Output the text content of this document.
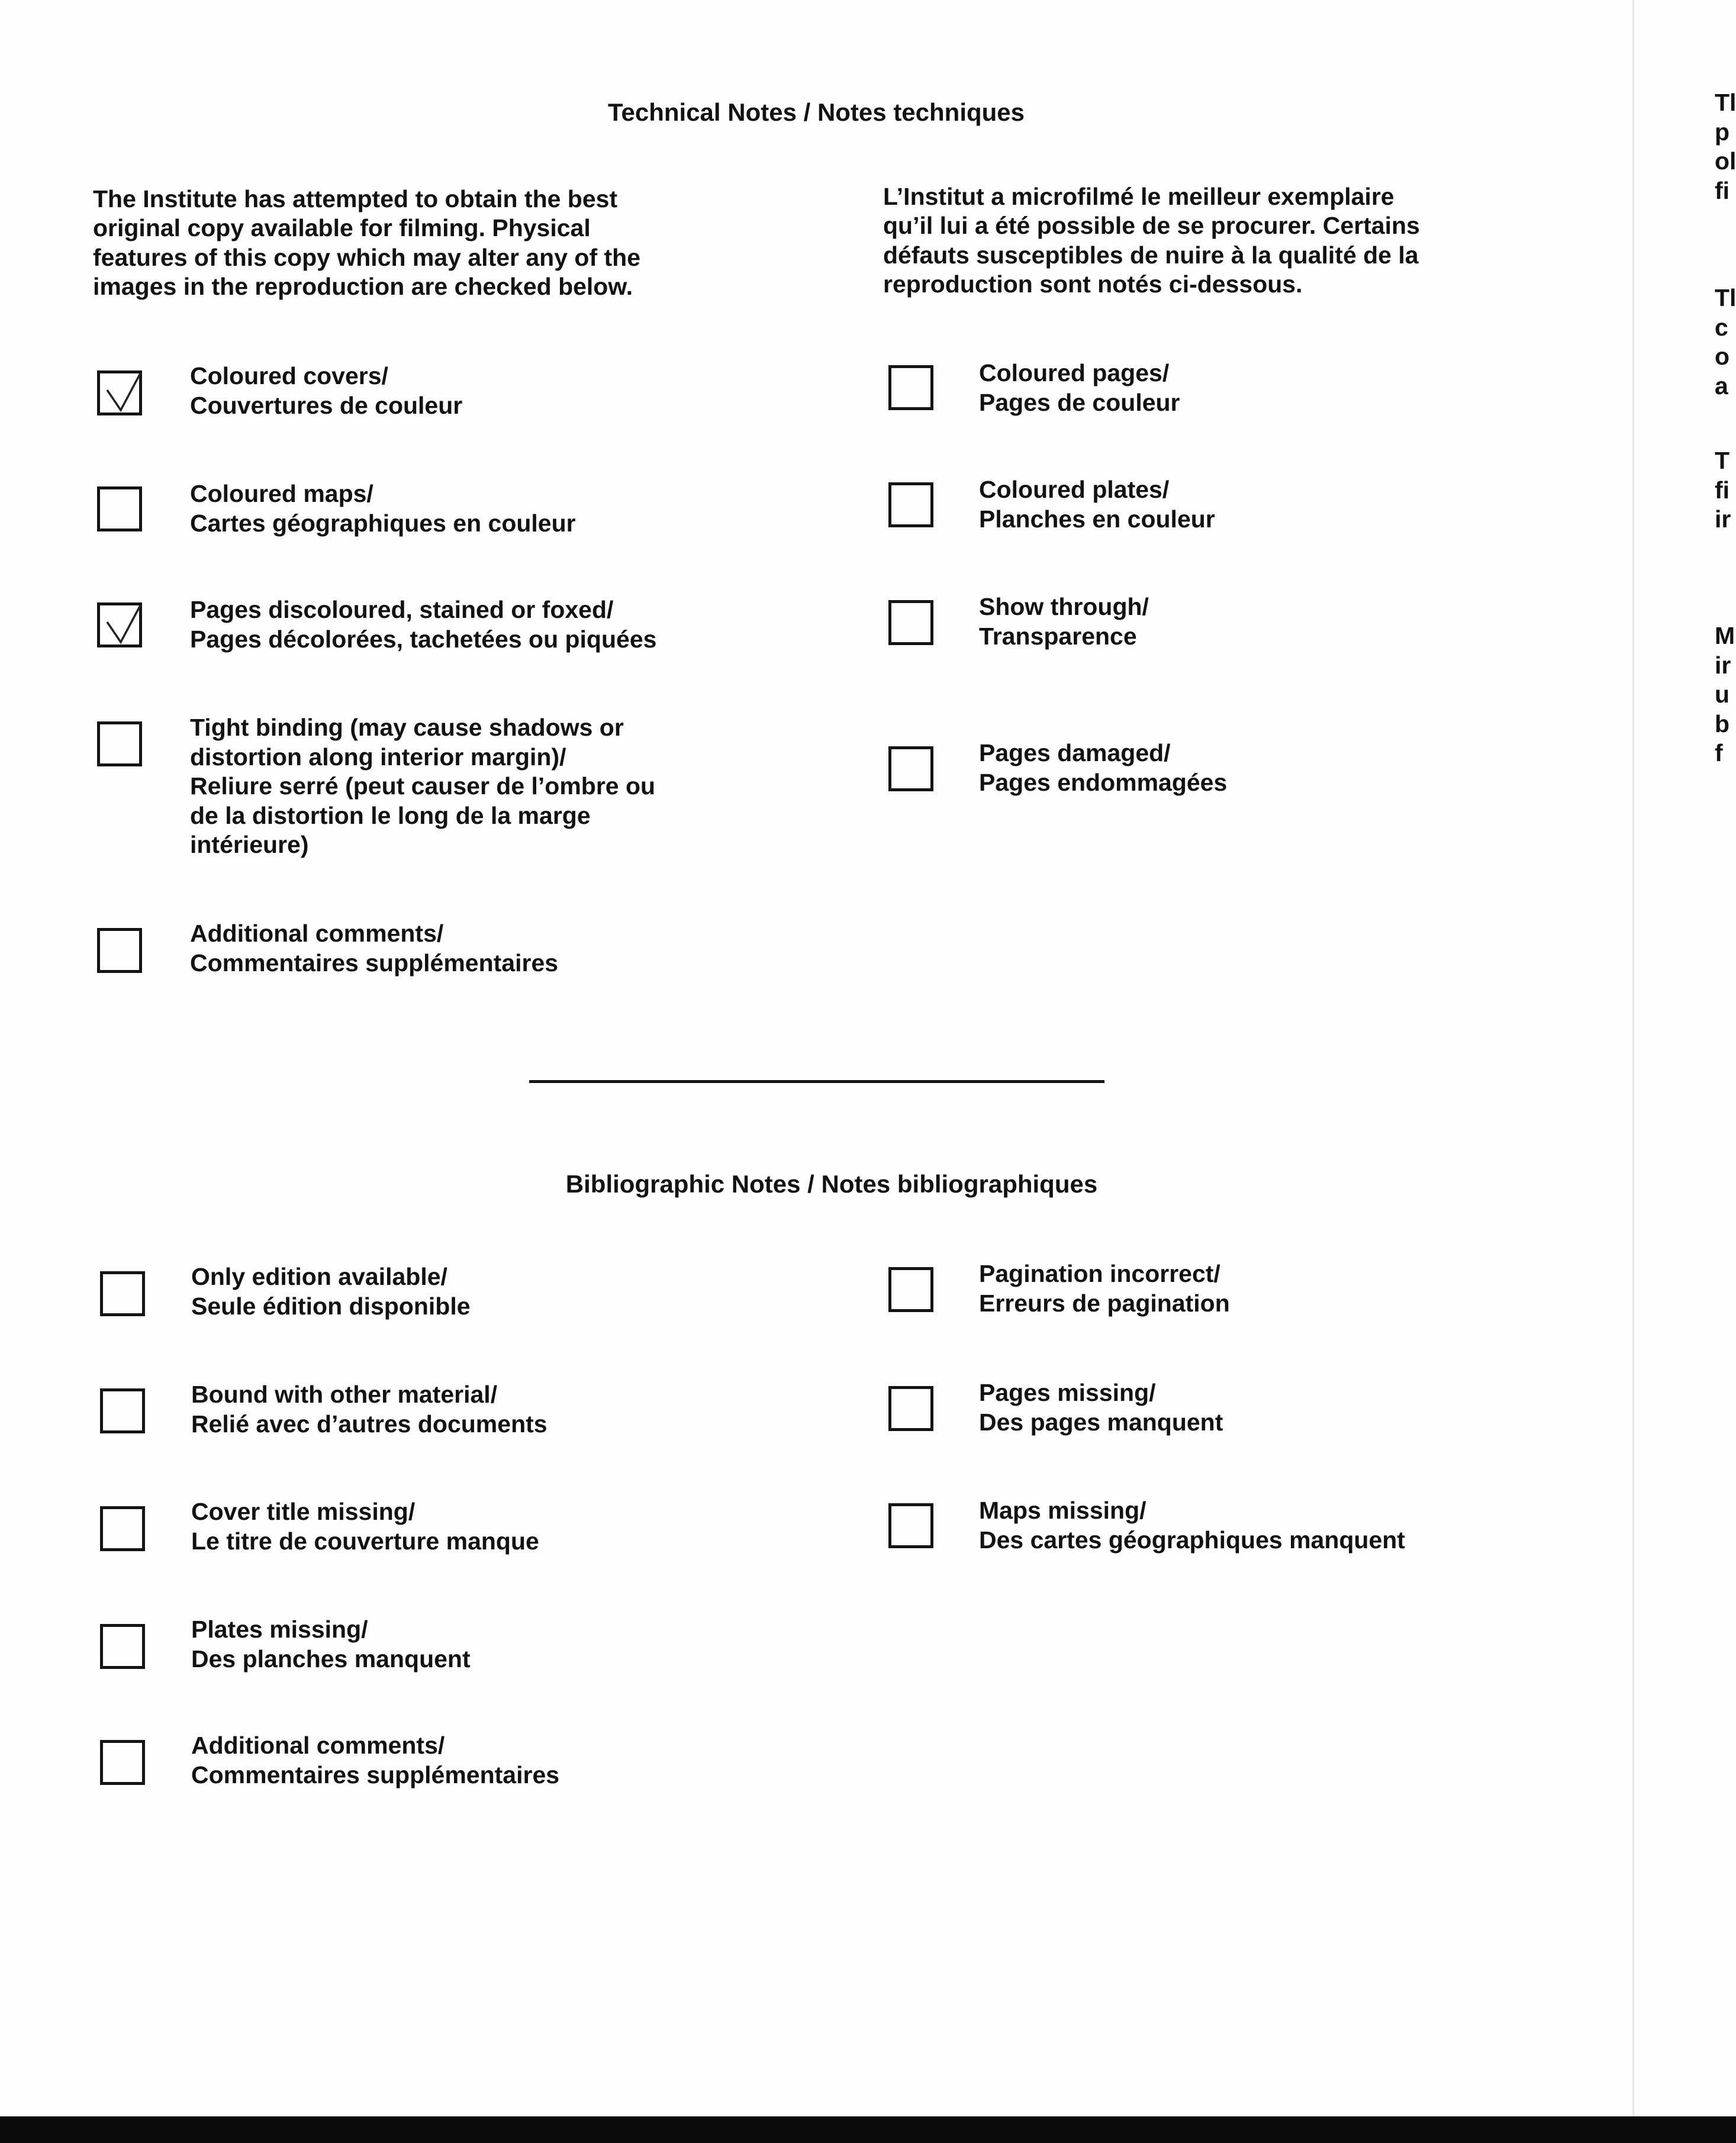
Technical Notes / Notes techniques
The Institute has attempted to obtain the best
original copy available for filming. Physical
features of this copy which may alter any of the
images in the reproduction are checked below.
L’Institut a microfilmé le meilleur exemplaire
qu’il lui a été possible de se procurer. Certains
défauts susceptibles de nuire à la qualité de la
reproduction sont notés ci-dessous.
Coloured covers/
Couvertures de couleur
Coloured maps/
Cartes géographiques en couleur
Pages discoloured, stained or foxed/
Pages décolorées, tachetées ou piquées
Tight binding (may cause shadows or
distortion along interior margin)/
Reliure serré (peut causer de l’ombre ou
de la distortion le long de la marge
intérieure)
Additional comments/
Commentaires supplémentaires
Coloured pages/
Pages de couleur
Coloured plates/
Planches en couleur
Show through/
Transparence
Pages damaged/
Pages endommagées
Bibliographic Notes / Notes bibliographiques
Only edition available/
Seule édition disponible
Bound with other material/
Relié avec d’autres documents
Cover title missing/
Le titre de couverture manque
Plates missing/
Des planches manquent
Additional comments/
Commentaires supplémentaires
Pagination incorrect/
Erreurs de pagination
Pages missing/
Des pages manquent
Maps missing/
Des cartes géographiques manquent
Tl
p
ol
fi
Tl
c
o
a
T
fi
ir
M
ir
u
b
f
